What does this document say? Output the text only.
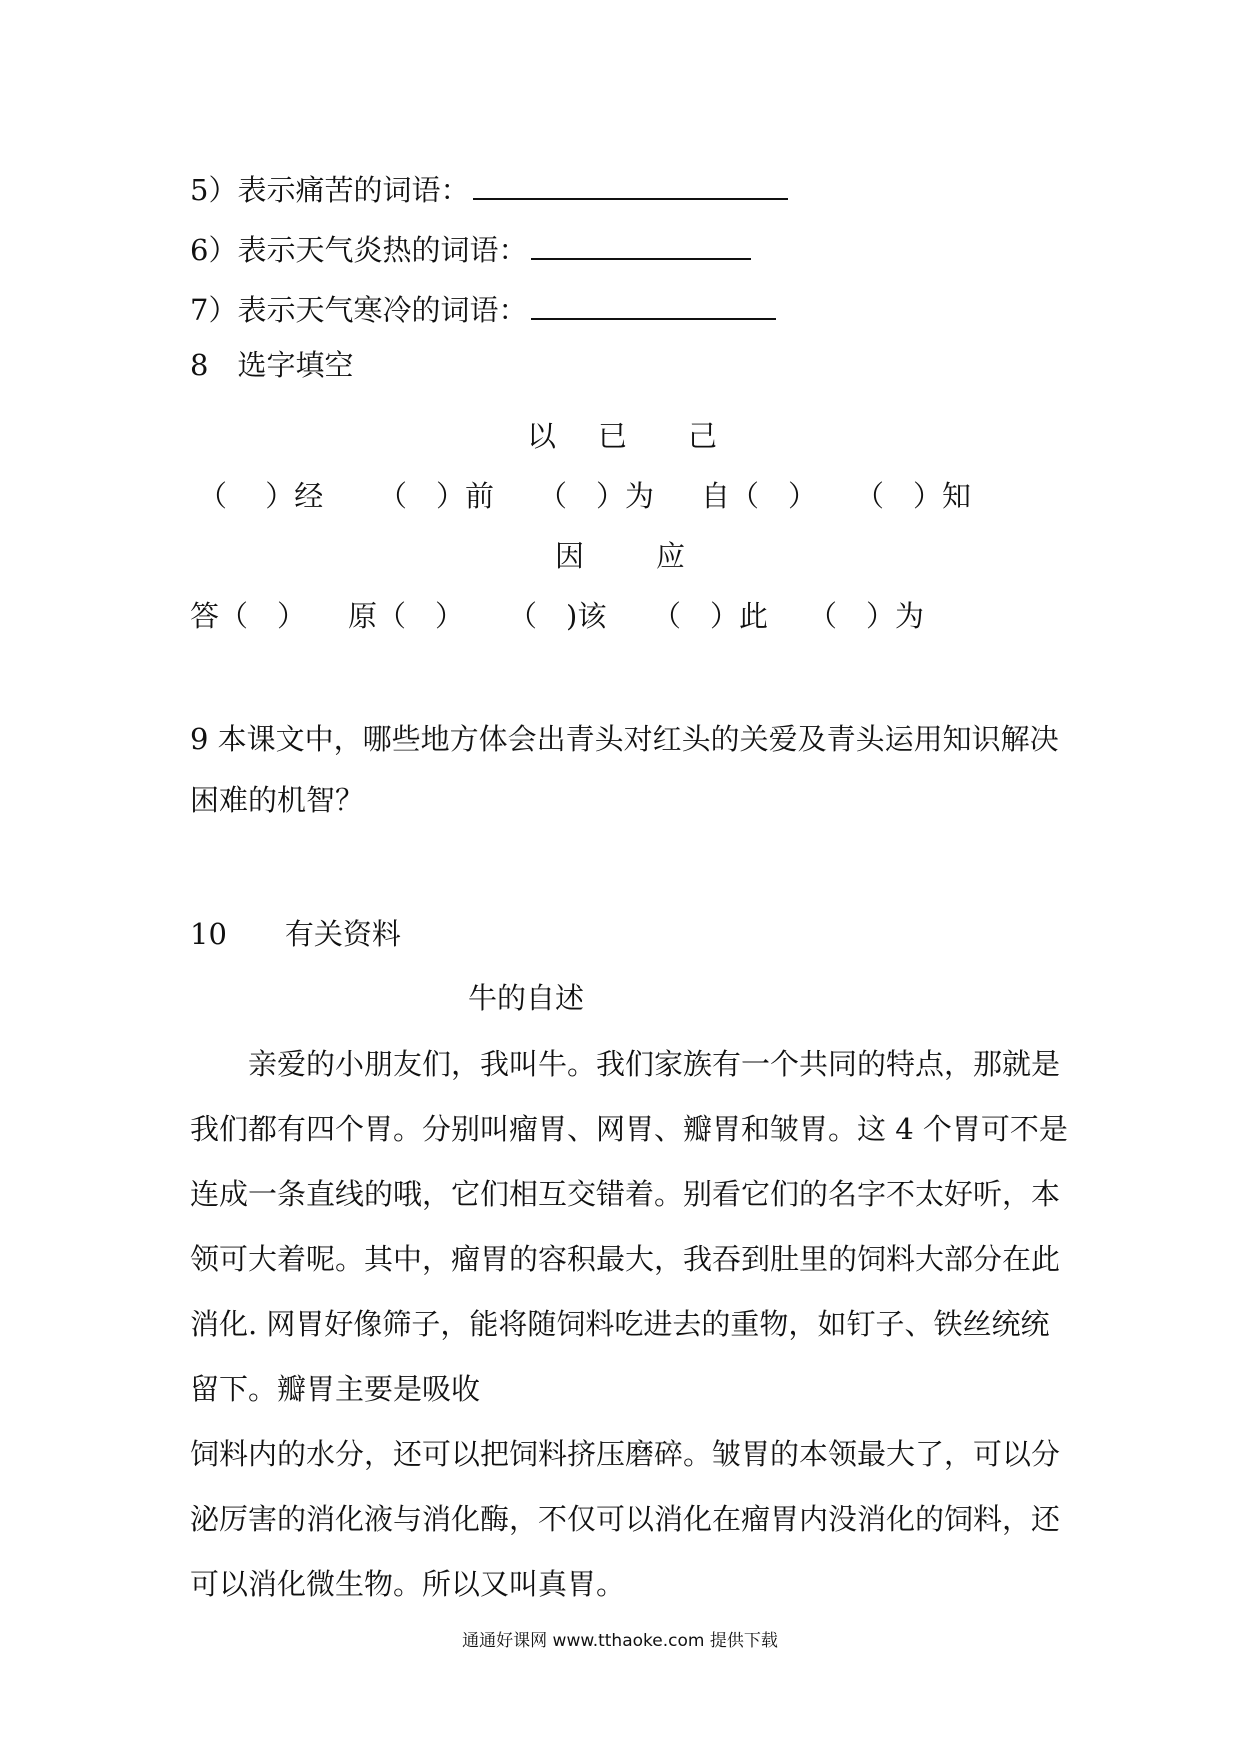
5）表示痛苦的词语：
6）表示天气炎热的词语：
7）表示天气寒冷的词语：
8　选字填空
以 已 己
（　 ）经 （　）前 （　）为 自（　） （　）知
因 应
答（　） 原（　） （　)该 （　）此 （　）为
9 本课文中，哪些地方体会出青头对红头的关爱及青头运用知识解决
困难的机智？
10　　有关资料
牛的自述
　　亲爱的小朋友们，我叫牛。我们家族有一个共同的特点，那就是
我们都有四个胃。分别叫瘤胃、网胃、瓣胃和皱胃。这 4 个胃可不是
连成一条直线的哦，它们相互交错着。别看它们的名字不太好听，本
领可大着呢。其中，瘤胃的容积最大，我吞到肚里的饲料大部分在此
消化. 网胃好像筛子，能将随饲料吃进去的重物，如钉子、铁丝统统
留下。瓣胃主要是吸收
饲料内的水分，还可以把饲料挤压磨碎。皱胃的本领最大了，可以分
泌厉害的消化液与消化酶，不仅可以消化在瘤胃内没消化的饲料，还
可以消化微生物。所以又叫真胃。
通通好课网 www.tthaoke.com 提供下载
